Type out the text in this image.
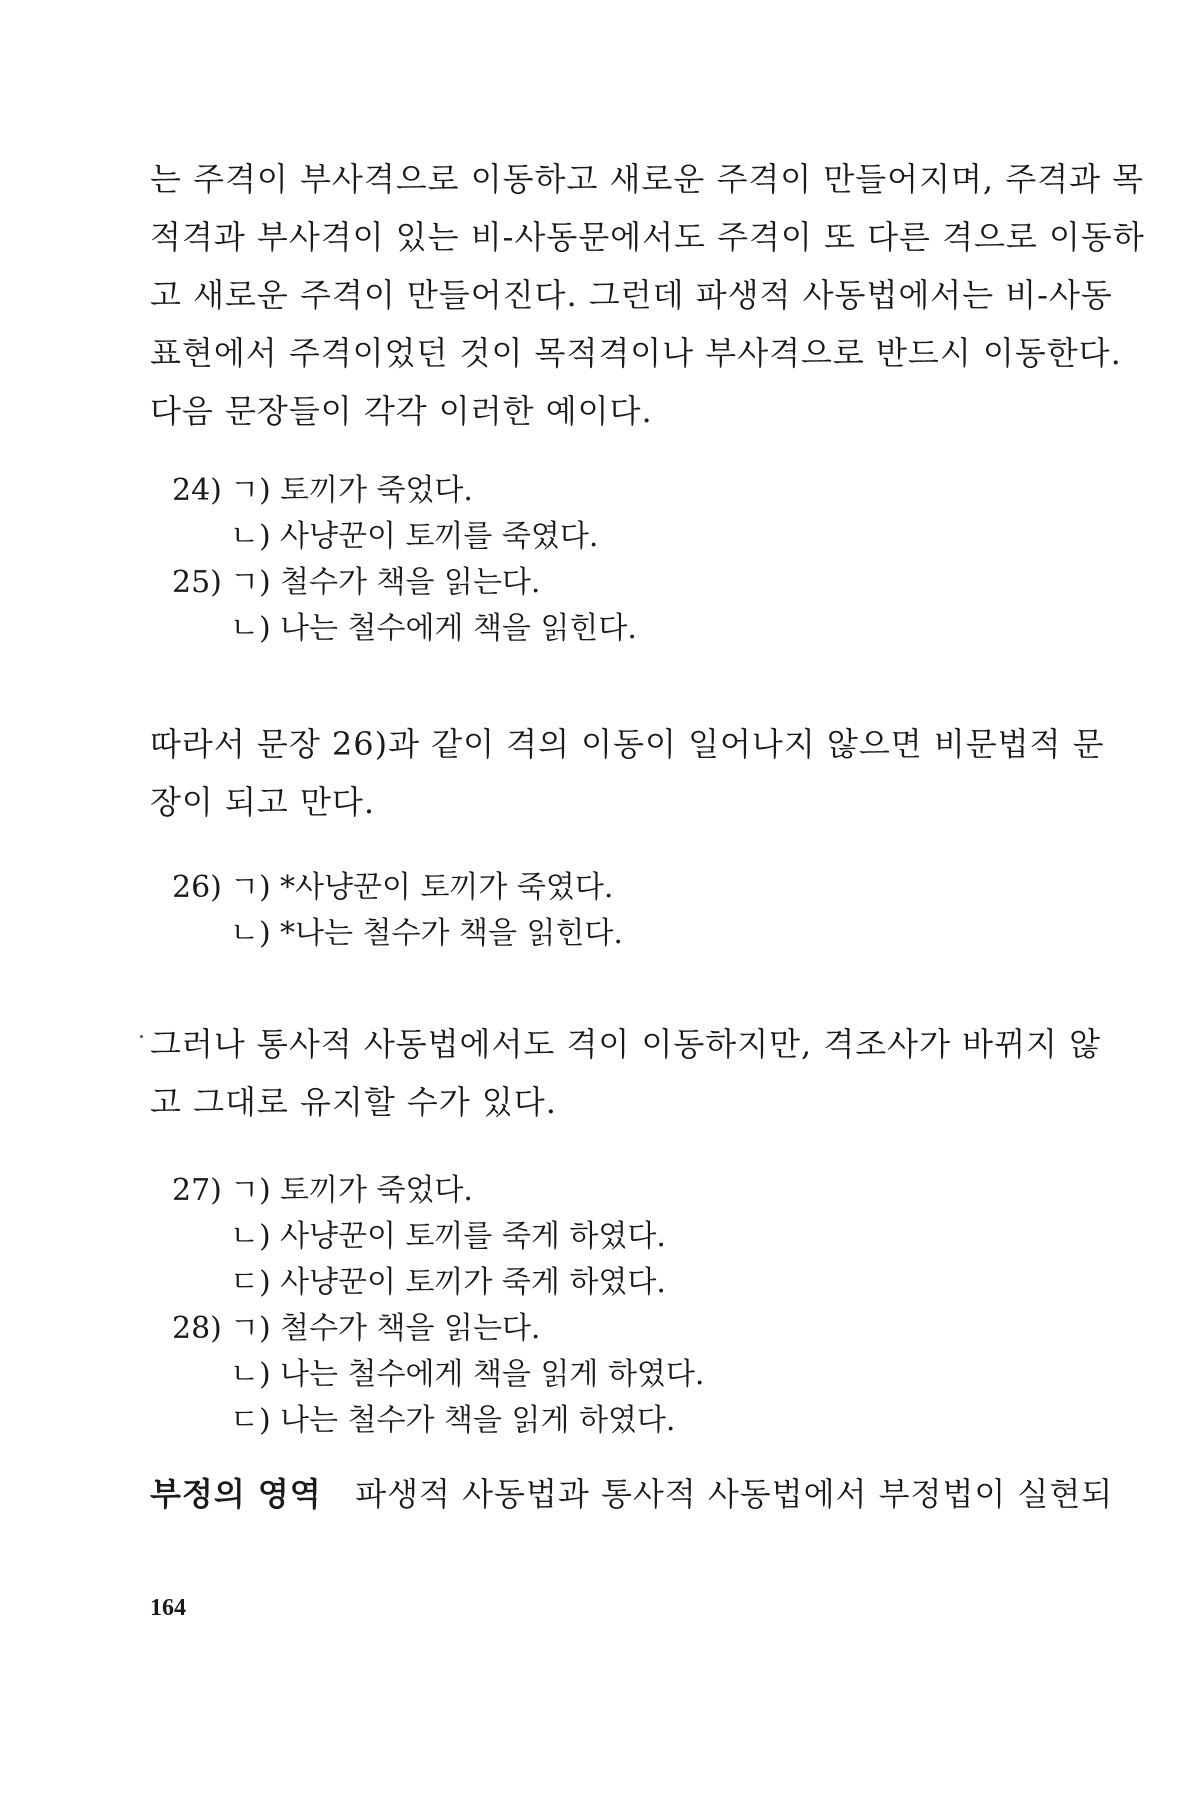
는 주격이 부사격으로 이동하고 새로운 주격이 만들어지며, 주격과 목
적격과 부사격이 있는 비-사동문에서도 주격이 또 다른 격으로 이동하
고 새로운 주격이 만들어진다. 그런데 파생적 사동법에서는 비-사동
표현에서 주격이었던 것이 목적격이나 부사격으로 반드시 이동한다.
다음 문장들이 각각 이러한 예이다.
24) ㄱ) 토끼가 죽었다.
ㄴ) 사냥꾼이 토끼를 죽였다.
25) ㄱ) 철수가 책을 읽는다.
ㄴ) 나는 철수에게 책을 읽힌다.
따라서 문장 26)과 같이 격의 이동이 일어나지 않으면 비문법적 문
장이 되고 만다.
26) ㄱ) *사냥꾼이 토끼가 죽였다.
ㄴ) *나는 철수가 책을 읽힌다.
그러나 통사적 사동법에서도 격이 이동하지만, 격조사가 바뀌지 않
고 그대로 유지할 수가 있다.
27) ㄱ) 토끼가 죽었다.
ㄴ) 사냥꾼이 토끼를 죽게 하였다.
ㄷ) 사냥꾼이 토끼가 죽게 하였다.
28) ㄱ) 철수가 책을 읽는다.
ㄴ) 나는 철수에게 책을 읽게 하였다.
ㄷ) 나는 철수가 책을 읽게 하였다.
부정의 영역 파생적 사동법과 통사적 사동법에서 부정법이 실현되
164
